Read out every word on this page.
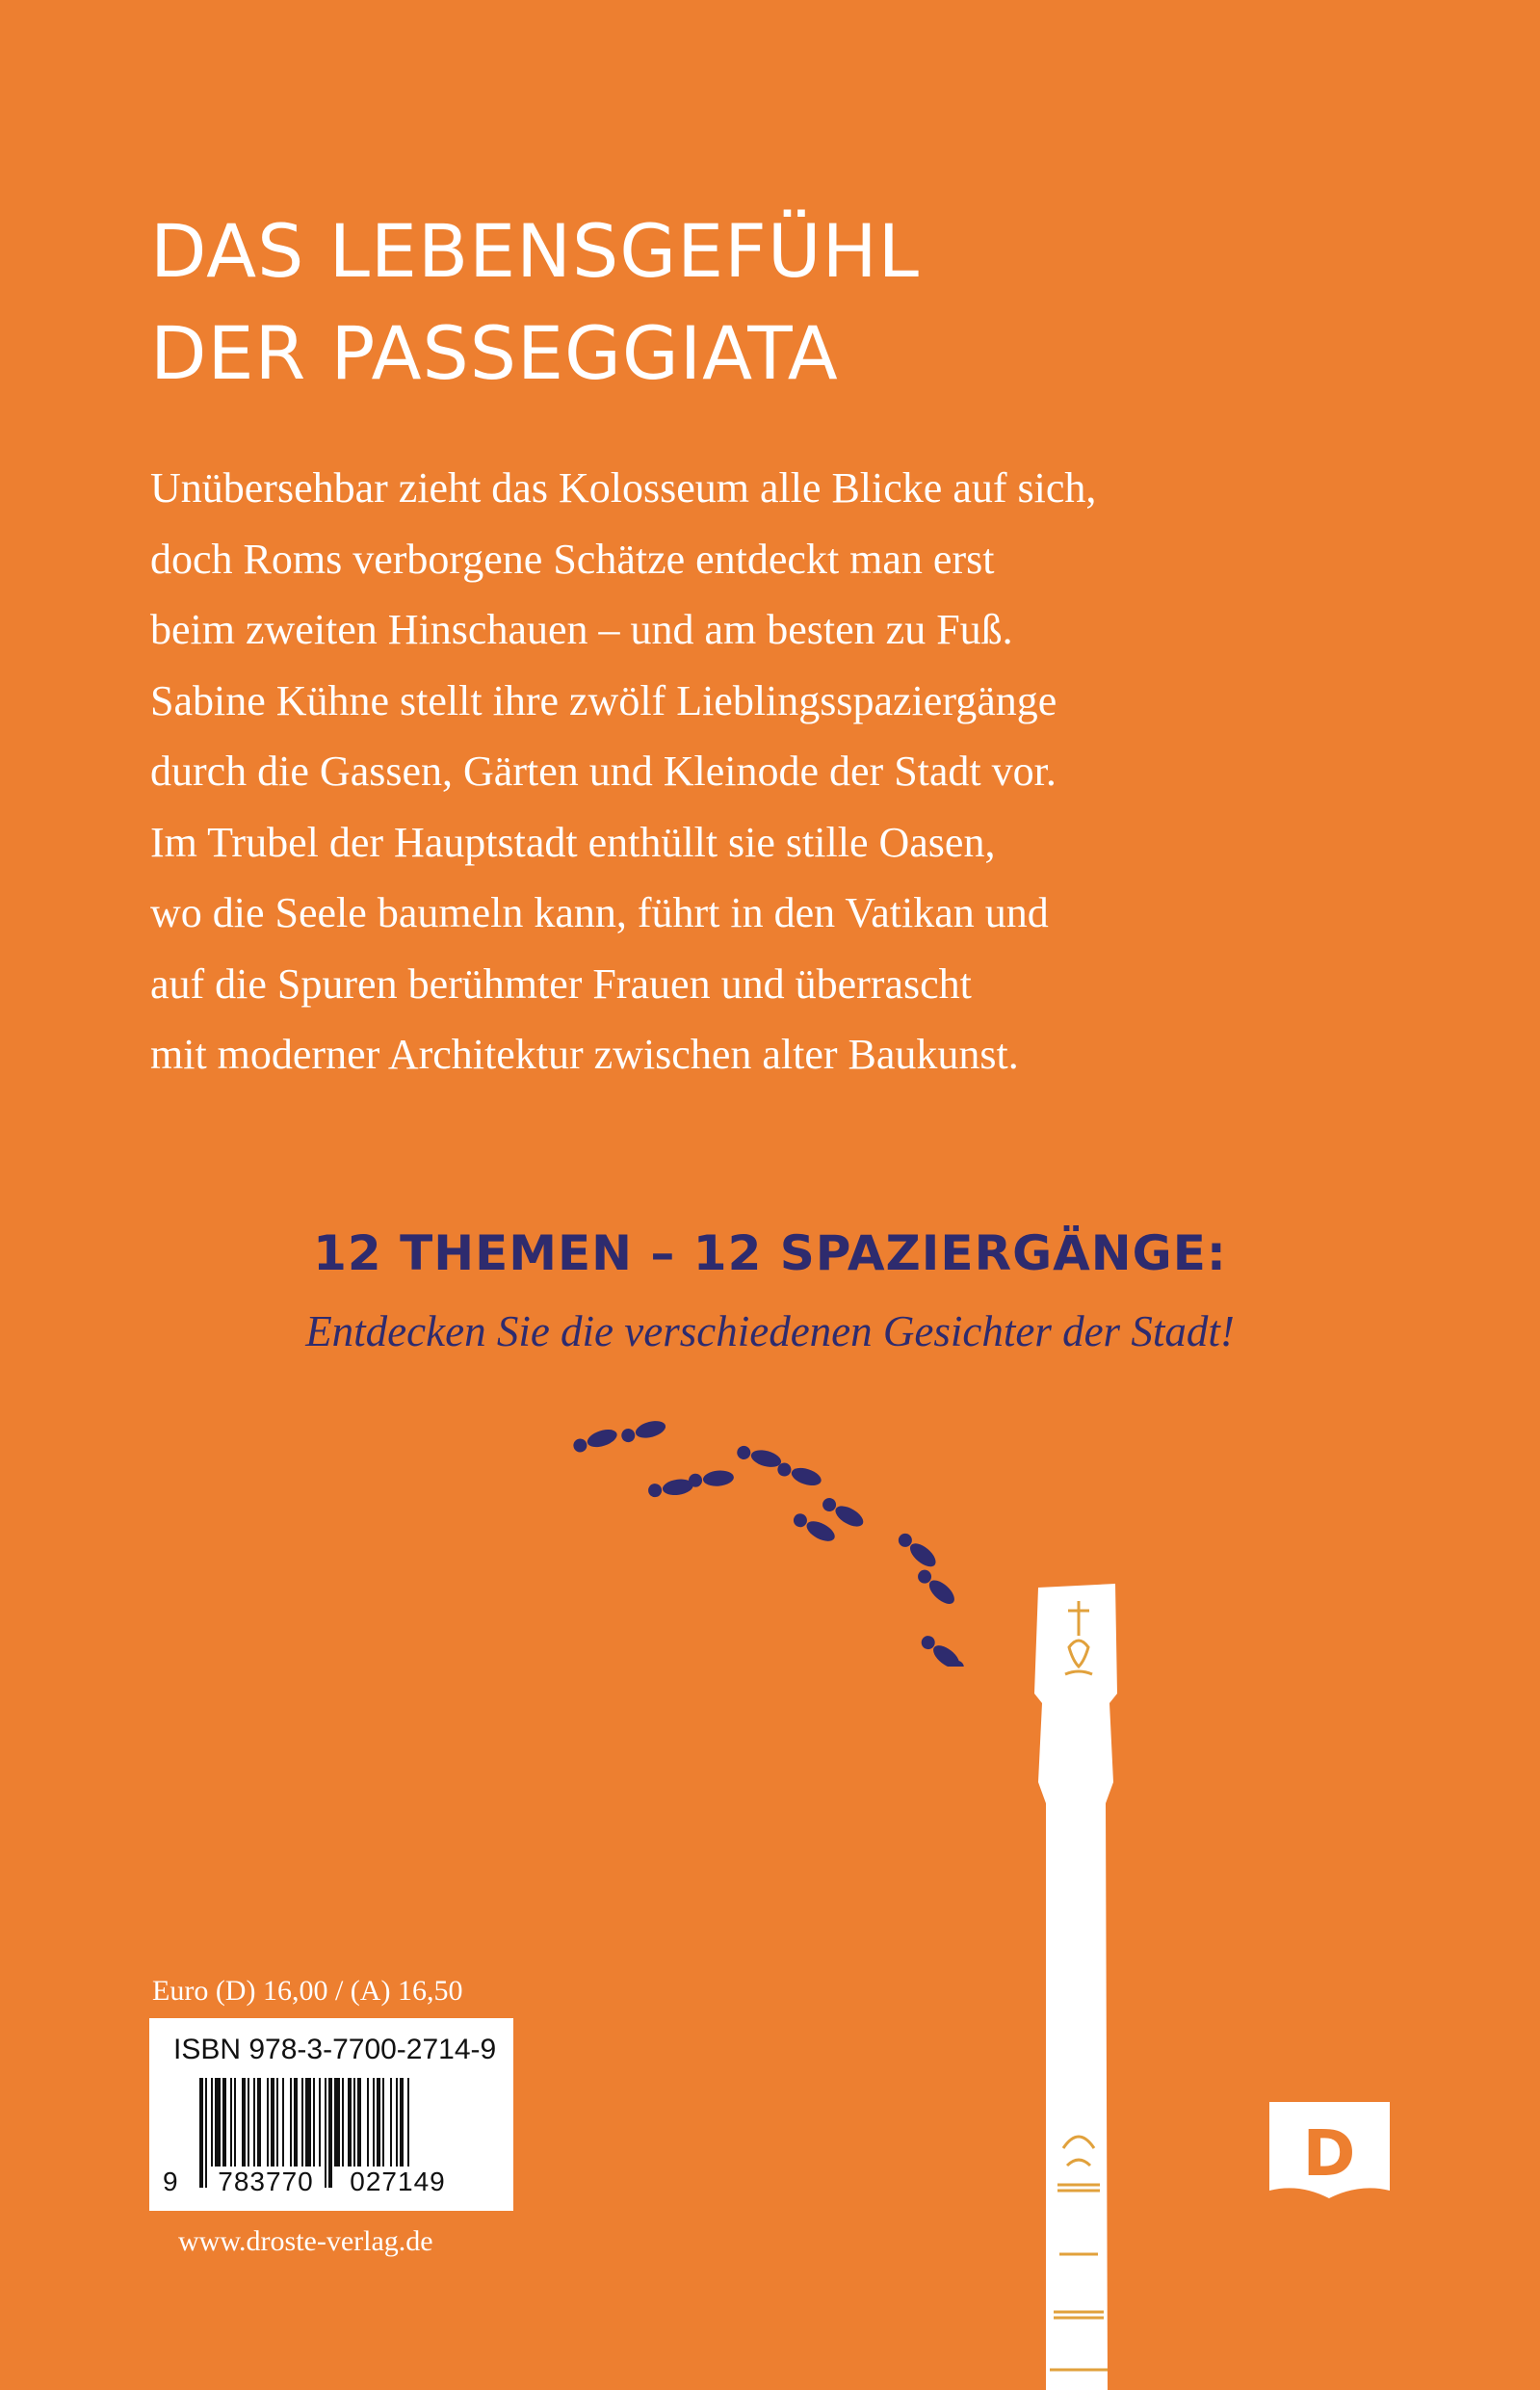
DAS LEBENSGEFÜHL
DER PASSEGGIATA
Unübersehbar zieht das Kolosseum alle Blicke auf sich,
doch Roms verborgene Schätze entdeckt man erst
beim zweiten Hinschauen – und am besten zu Fuß.
Sabine Kühne stellt ihre zwölf Lieblingsspaziergänge
durch die Gassen, Gärten und Kleinode der Stadt vor.
Im Trubel der Hauptstadt enthüllt sie stille Oasen,
wo die Seele baumeln kann, führt in den Vatikan und
auf die Spuren berühmter Frauen und überrascht
mit moderner Architektur zwischen alter Baukunst.
12 THEMEN – 12 SPAZIERGÄNGE:
Entdecken Sie die verschiedenen Gesichter der Stadt!
Euro (D) 16,00 / (A) 16,50
ISBN 978-3-7700-2714-9
9	783770	027149
www.droste-verlag.de
D
